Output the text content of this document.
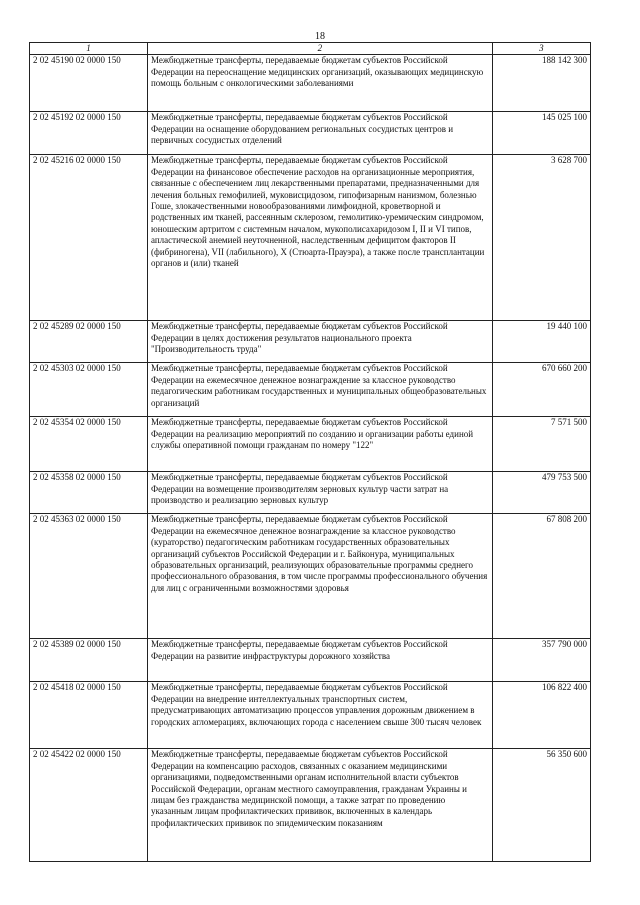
18
1	2	3
2 02 45190 02 0000 150	Межбюджетные трансферты, передаваемые бюджетам субъектов Российской Федерации на переоснащение медицинских организаций, оказывающих медицинскую помощь больным с онкологическими заболеваниями	188 142 300
2 02 45192 02 0000 150	Межбюджетные трансферты, передаваемые бюджетам субъектов Российской Федерации на оснащение оборудованием региональных сосудистых центров и первичных сосудистых отделений	145 025 100
2 02 45216 02 0000 150	Межбюджетные трансферты, передаваемые бюджетам субъектов Российской Федерации на финансовое обеспечение расходов на организационные мероприятия, связанные с обеспечением лиц лекарственными препаратами, предназначенными для лечения больных гемофилией, муковисцидозом, гипофизарным нанизмом, болезнью Гоше, злокачественными новообразованиями лимфоидной, кроветворной и родственных им тканей, рассеянным склерозом, гемолитико-уремическим синдромом, юношеским артритом с системным началом, мукополисахаридозом I, II и VI типов, апластической анемией неуточненной, наследственным дефицитом факторов II (фибриногена), VII (лабильного), X (Стюарта-Прауэра), а также после трансплантации органов и (или) тканей	3 628 700
2 02 45289 02 0000 150	Межбюджетные трансферты, передаваемые бюджетам субъектов Российской Федерации в целях достижения результатов национального проекта "Производительность труда"	19 440 100
2 02 45303 02 0000 150	Межбюджетные трансферты, передаваемые бюджетам субъектов Российской Федерации на ежемесячное денежное вознаграждение за классное руководство педагогическим работникам государственных и муниципальных общеобразовательных организаций	670 660 200
2 02 45354 02 0000 150	Межбюджетные трансферты, передаваемые бюджетам субъектов Российской Федерации на реализацию мероприятий по созданию и организации работы единой службы оперативной помощи гражданам по номеру "122"	7 571 500
2 02 45358 02 0000 150	Межбюджетные трансферты, передаваемые бюджетам субъектов Российской Федерации на возмещение производителям зерновых культур части затрат на производство и реализацию зерновых культур	479 753 500
2 02 45363 02 0000 150	Межбюджетные трансферты, передаваемые бюджетам субъектов Российской Федерации на ежемесячное денежное вознаграждение за классное руководство (кураторство) педагогическим работникам государственных образовательных организаций субъектов Российской Федерации и г. Байконура, муниципальных образовательных организаций, реализующих образовательные программы среднего профессионального образования, в том числе программы профессионального обучения для лиц с ограниченными возможностями здоровья	67 808 200
2 02 45389 02 0000 150	Межбюджетные трансферты, передаваемые бюджетам субъектов Российской Федерации на развитие инфраструктуры дорожного хозяйства	357 790 000
2 02 45418 02 0000 150	Межбюджетные трансферты, передаваемые бюджетам субъектов Российской Федерации на внедрение интеллектуальных транспортных систем, предусматривающих автоматизацию процессов управления дорожным движением в городских агломерациях, включающих города с населением свыше 300 тысяч человек	106 822 400
2 02 45422 02 0000 150	Межбюджетные трансферты, передаваемые бюджетам субъектов Российской Федерации на компенсацию расходов, связанных с оказанием медицинскими организациями, подведомственными органам исполнительной власти субъектов Российской Федерации, органам местного самоуправления, гражданам Украины и лицам без гражданства медицинской помощи, а также затрат по проведению указанным лицам профилактических прививок, включенных в календарь профилактических прививок по эпидемическим показаниям	56 350 600
